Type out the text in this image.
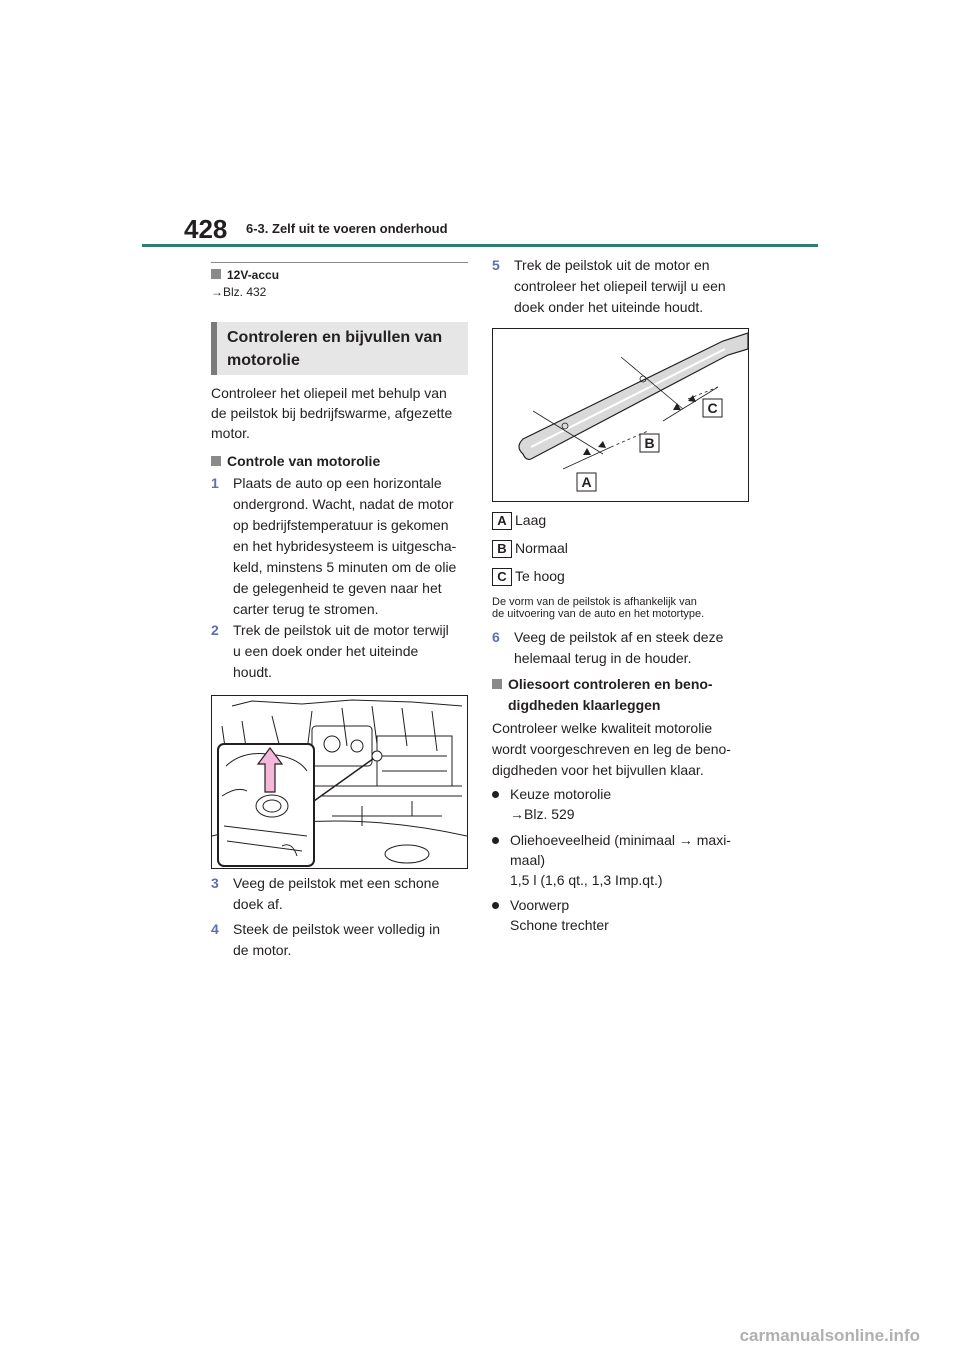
428 6-3. Zelf uit te voeren onderhoud
12V-accu
→Blz. 432
Controleren en bijvullen van
motorolie
Controleer het oliepeil met behulp van
de peilstok bij bedrijfswarme, afgezette
motor.
Controle van motorolie
1 Plaats de auto op een horizontale
ondergrond. Wacht, nadat de motor
op bedrijfstemperatuur is gekomen
en het hybridesysteem is uitgescha-
keld, minstens 5 minuten om de olie
de gelegenheid te geven naar het
carter terug te stromen.
2 Trek de peilstok uit de motor terwijl
u een doek onder het uiteinde
houdt.
3 Veeg de peilstok met een schone
doek af.
4 Steek de peilstok weer volledig in
de motor.
5 Trek de peilstok uit de motor en
controleer het oliepeil terwijl u een
doek onder het uiteinde houdt.
A
B
C
A Laag
B Normaal
C Te hoog
De vorm van de peilstok is afhankelijk van
de uitvoering van de auto en het motortype.
6 Veeg de peilstok af en steek deze
helemaal terug in de houder.
Oliesoort controleren en beno-
digdheden klaarleggen
Controleer welke kwaliteit motorolie
wordt voorgeschreven en leg de beno-
digdheden voor het bijvullen klaar.
Keuze motorolie
→Blz. 529
Oliehoeveelheid (minimaal → maxi-
maal)
1,5 l (1,6 qt., 1,3 Imp.qt.)
Voorwerp
Schone trechter
carmanualsonline.info
